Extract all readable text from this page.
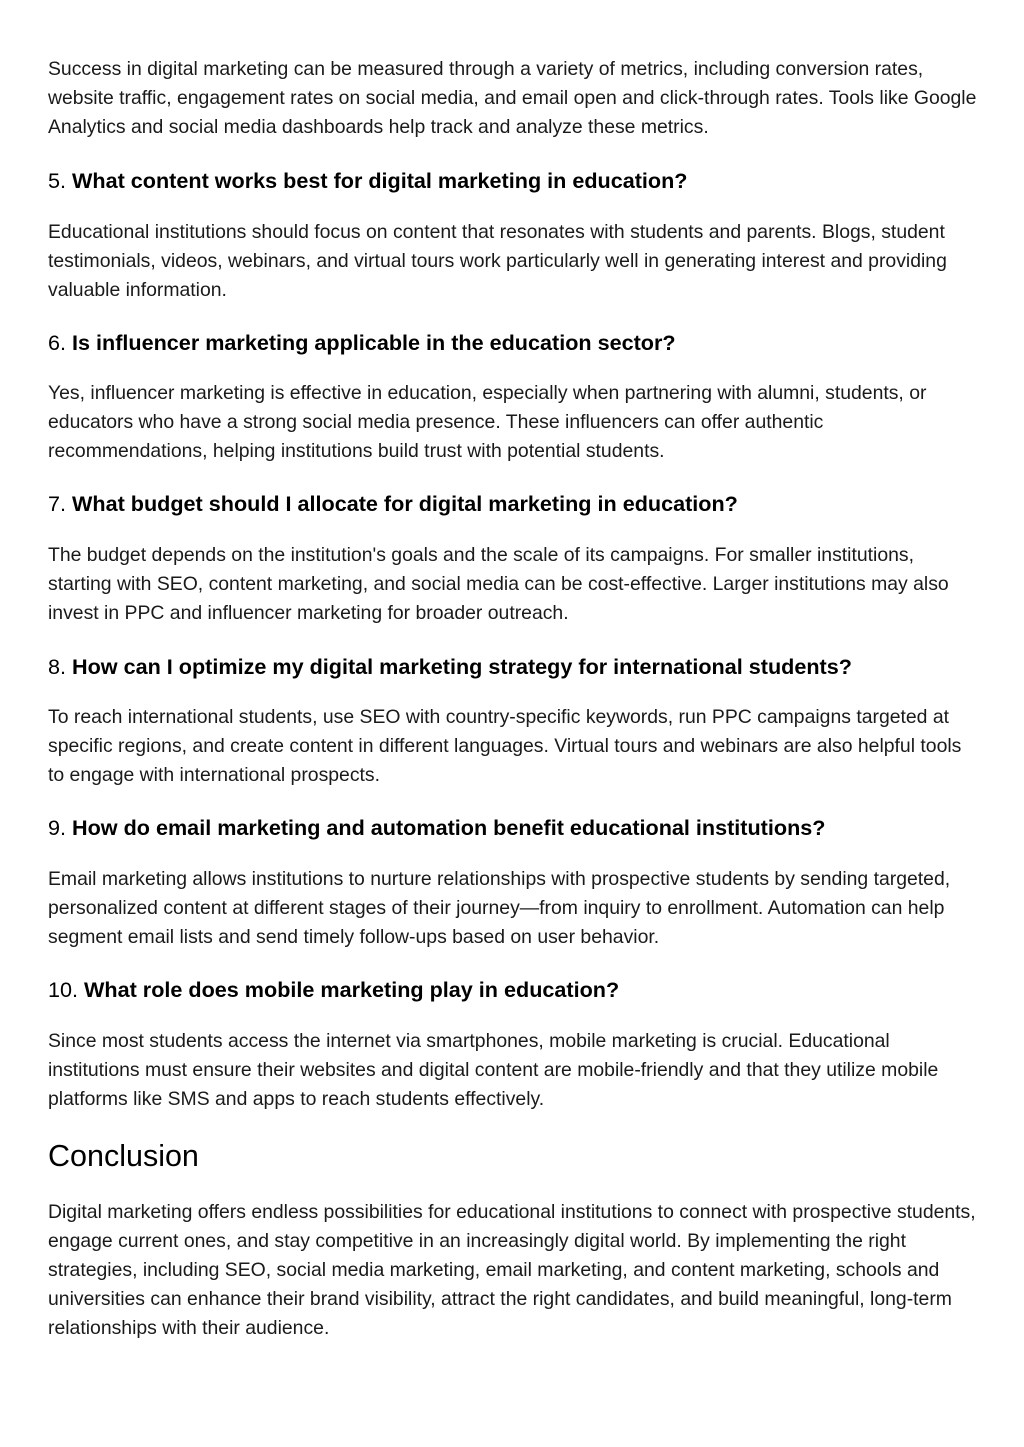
Success in digital marketing can be measured through a variety of metrics, including conversion rates, website traffic, engagement rates on social media, and email open and click-through rates. Tools like Google Analytics and social media dashboards help track and analyze these metrics.

5. What content works best for digital marketing in education?

Educational institutions should focus on content that resonates with students and parents. Blogs, student testimonials, videos, webinars, and virtual tours work particularly well in generating interest and providing valuable information.

6. Is influencer marketing applicable in the education sector?

Yes, influencer marketing is effective in education, especially when partnering with alumni, students, or educators who have a strong social media presence. These influencers can offer authentic recommendations, helping institutions build trust with potential students.

7. What budget should I allocate for digital marketing in education?

The budget depends on the institution's goals and the scale of its campaigns. For smaller institutions, starting with SEO, content marketing, and social media can be cost-effective. Larger institutions may also invest in PPC and influencer marketing for broader outreach.

8. How can I optimize my digital marketing strategy for international students?

To reach international students, use SEO with country-specific keywords, run PPC campaigns targeted at specific regions, and create content in different languages. Virtual tours and webinars are also helpful tools to engage with international prospects.

9. How do email marketing and automation benefit educational institutions?

Email marketing allows institutions to nurture relationships with prospective students by sending targeted, personalized content at different stages of their journey—from inquiry to enrollment. Automation can help segment email lists and send timely follow-ups based on user behavior.

10. What role does mobile marketing play in education?

Since most students access the internet via smartphones, mobile marketing is crucial. Educational institutions must ensure their websites and digital content are mobile-friendly and that they utilize mobile platforms like SMS and apps to reach students effectively.

Conclusion

Digital marketing offers endless possibilities for educational institutions to connect with prospective students, engage current ones, and stay competitive in an increasingly digital world. By implementing the right strategies, including SEO, social media marketing, email marketing, and content marketing, schools and universities can enhance their brand visibility, attract the right candidates, and build meaningful, long-term relationships with their audience.
